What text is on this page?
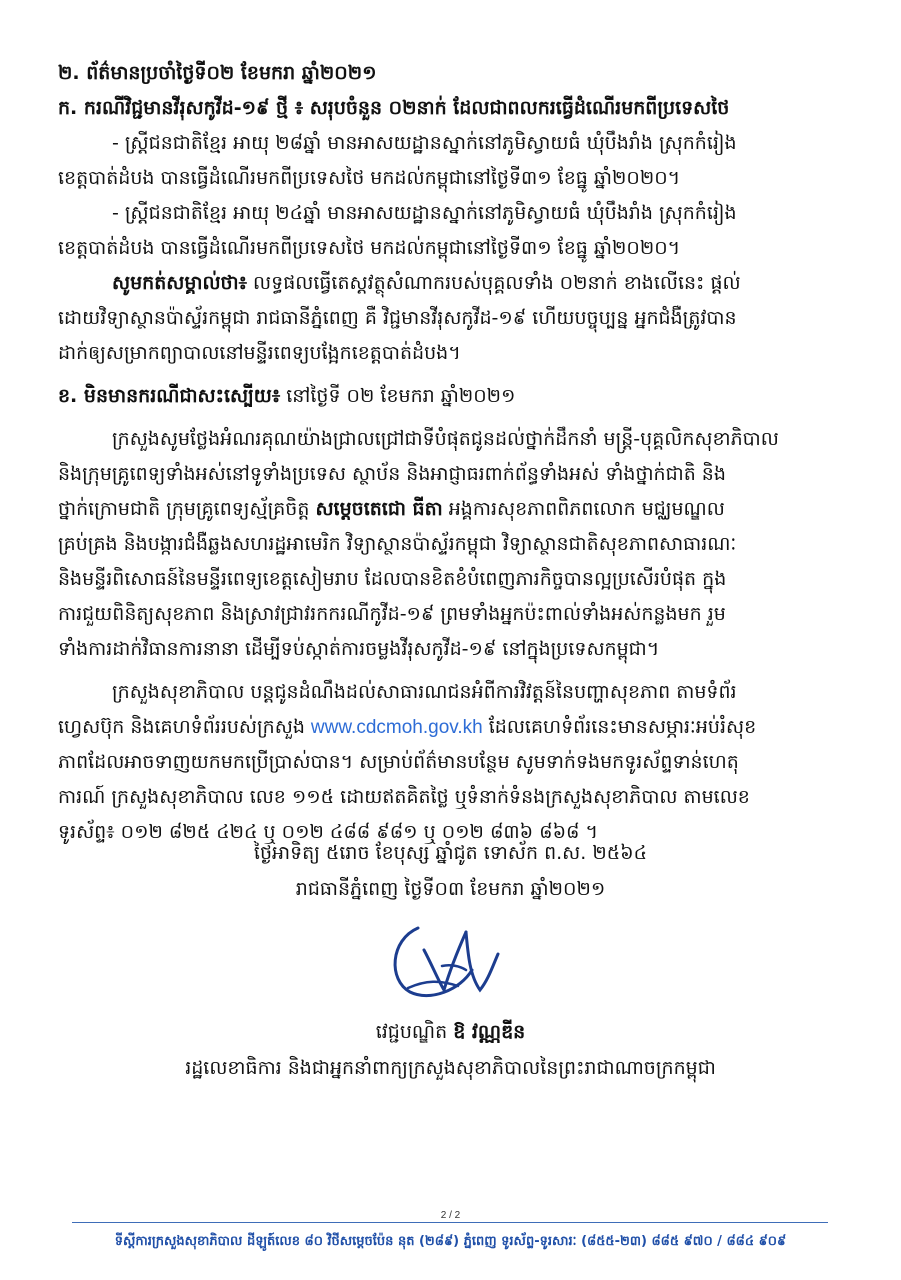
២. ព័ត៌មានប្រចាំថ្ងៃទី០២ ខែមករា ឆ្នាំ២០២១
ក. ករណីវិជ្ជមានវីរុសកូវីដ-១៩ ថ្មី ៖ សរុបចំនួន ០២នាក់ ដែលជាពលករធ្វើដំណើរមកពីប្រទេសថៃ
- ស្ត្រីជនជាតិខ្មែរ អាយុ ២៨ឆ្នាំ មានអាសយដ្ឋានស្នាក់នៅភូមិស្វាយធំ ឃុំបឹងរាំង ស្រុកកំរៀង
ខេត្តបាត់ដំបង បានធ្វើដំណើរមកពីប្រទេសថៃ មកដល់កម្ពុជានៅថ្ងៃទី៣១ ខែធ្នូ ឆ្នាំ២០២០។
- ស្ត្រីជនជាតិខ្មែរ អាយុ ២៤ឆ្នាំ មានអាសយដ្ឋានស្នាក់នៅភូមិស្វាយធំ ឃុំបឹងរាំង ស្រុកកំរៀង
ខេត្តបាត់ដំបង បានធ្វើដំណើរមកពីប្រទេសថៃ មកដល់កម្ពុជានៅថ្ងៃទី៣១ ខែធ្នូ ឆ្នាំ២០២០។
សូមកត់សម្គាល់ថា៖ លទ្ធផលធ្វើតេស្តវត្ថុសំណាករបស់បុគ្គលទាំង ០២នាក់ ខាងលើនេះ ផ្តល់
ដោយវិទ្យាស្ថានប៉ាស្ទ័រកម្ពុជា រាជធានីភ្នំពេញ គឺ វិជ្ជមានវីរុសកូវីដ-១៩ ហើយបច្ចុប្បន្ន អ្នកជំងឺត្រូវបាន
ដាក់ឲ្យសម្រាកព្យាបាលនៅមន្ទីរពេទ្យបង្អែកខេត្តបាត់ដំបង។
ខ. មិនមានករណីជាសះស្បើយ៖ នៅថ្ងៃទី ០២ ខែមករា ឆ្នាំ២០២១
ក្រសួងសូមថ្លែងអំណរគុណយ៉ាងជ្រាលជ្រៅជាទីបំផុតជូនដល់ថ្នាក់ដឹកនាំ មន្ត្រី-បុគ្គលិកសុខាភិបាល
និងក្រុមគ្រូពេទ្យទាំងអស់នៅទូទាំងប្រទេស ស្ថាប័ន និងអាជ្ញាធរពាក់ព័ន្ធទាំងអស់ ទាំងថ្នាក់ជាតិ និង
ថ្នាក់ក្រោមជាតិ ក្រុមគ្រូពេទ្យស្ម័គ្រចិត្ត សម្តេចតេជោ ធីតា អង្គការសុខភាពពិភពលោក មជ្ឈមណ្ឌល
គ្រប់គ្រង និងបង្ការជំងឺឆ្លងសហរដ្ឋអាមេរិក វិទ្យាស្ថានប៉ាស្ទ័រកម្ពុជា វិទ្យាស្ថានជាតិសុខភាពសាធារណៈ
និងមន្ទីរពិសោធន៍នៃមន្ទីរពេទ្យខេត្តសៀមរាប ដែលបានខិតខំបំពេញភារកិច្ចបានល្អប្រសើរបំផុត ក្នុង
ការជួយពិនិត្យសុខភាព និងស្រាវជ្រាវរកករណីកូវីដ-១៩ ព្រមទាំងអ្នកប៉ះពាល់ទាំងអស់កន្លងមក រួម
ទាំងការដាក់វិធានការនានា ដើម្បីទប់ស្កាត់ការចម្លងវីរុសកូវីដ-១៩ នៅក្នុងប្រទេសកម្ពុជា។
ក្រសួងសុខាភិបាល បន្តជូនដំណឹងដល់សាធារណជនអំពីការវិវត្តន៍នៃបញ្ហាសុខភាព តាមទំព័រ
ហ្វេសប៊ុក និងគេហទំព័ររបស់ក្រសួង www.cdcmoh.gov.kh ដែលគេហទំព័រនេះមានសម្ភារៈអប់រំសុខ
ភាពដែលអាចទាញយកមកប្រើប្រាស់បាន។ សម្រាប់ព័ត៌មានបន្ថែម សូមទាក់ទងមកទូរស័ព្ទទាន់ហេតុ
ការណ៍ ក្រសួងសុខាភិបាល លេខ ១១៥ ដោយឥតគិតថ្លៃ ឬទំនាក់ទំនងក្រសួងសុខាភិបាល តាមលេខ
ទូរស័ព្ទ៖ ០១២ ៨២៥ ៤២៤ ឬ ០១២ ៤៨៨ ៩៨១ ឬ ០១២ ៨៣៦ ៨៦៨ ។
ថ្ងៃអាទិត្យ ៥រោច ខែបុស្ស ឆ្នាំជូត ទោស័ក ព.ស. ២៥៦៤
រាជធានីភ្នំពេញ ថ្ងៃទី០៣ ខែមករា ឆ្នាំ២០២១
វេជ្ជបណ្ឌិត ឱ វណ្ណឌីន
រដ្ឋលេខាធិការ និងជាអ្នកនាំពាក្យក្រសួងសុខាភិបាលនៃព្រះរាជាណាចក្រកម្ពុជា
2 / 2
ទីស្តីការក្រសួងសុខាភិបាល ដីឡូត៍លេខ ៨០ វិថីសម្តេចប៉ែន នុត (២៨៩) ភ្នំពេញ ទូរស័ព្ទ-ទូរសារៈ (៨៥៥-២៣) ៨៨៥ ៩៧០ / ៨៨៤ ៩០៩
